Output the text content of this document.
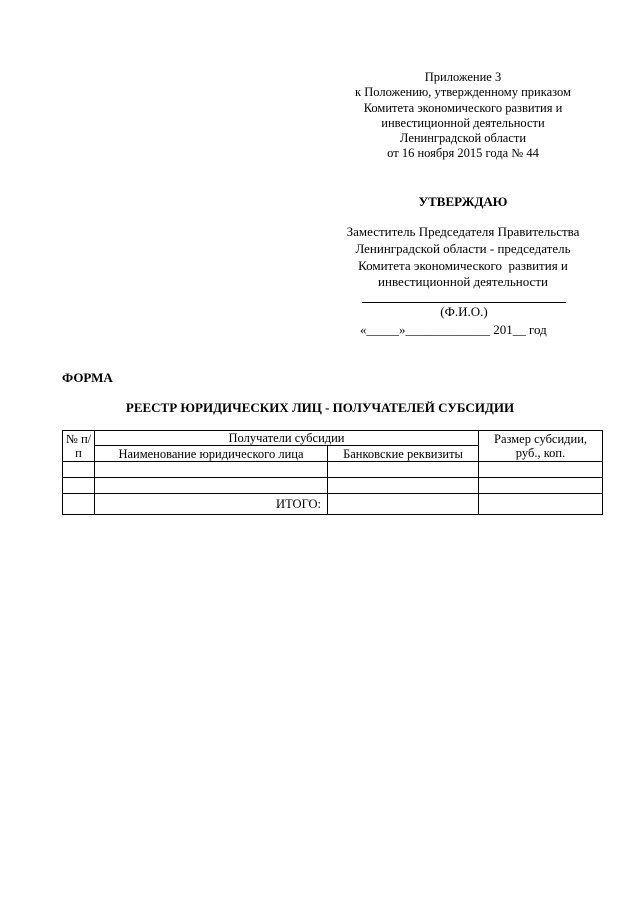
Приложение 3
к Положению, утвержденному приказом
Комитета экономического развития и
инвестиционной деятельности
Ленинградской области
от 16 ноября 2015 года № 44
УТВЕРЖДАЮ
Заместитель Председателя Правительства
Ленинградской области - председатель
Комитета экономического  развития и
инвестиционной деятельности
(Ф.И.О.)
«_____»_____________ 201__ год
ФОРМА
РЕЕСТР ЮРИДИЧЕСКИХ ЛИЦ - ПОЛУЧАТЕЛЕЙ СУБСИДИИ
№ п/п	Получатели субсидии		Размер субсидии, руб., коп.
	Наименование юридического лица	Банковские реквизиты	

	ИТОГО:		
